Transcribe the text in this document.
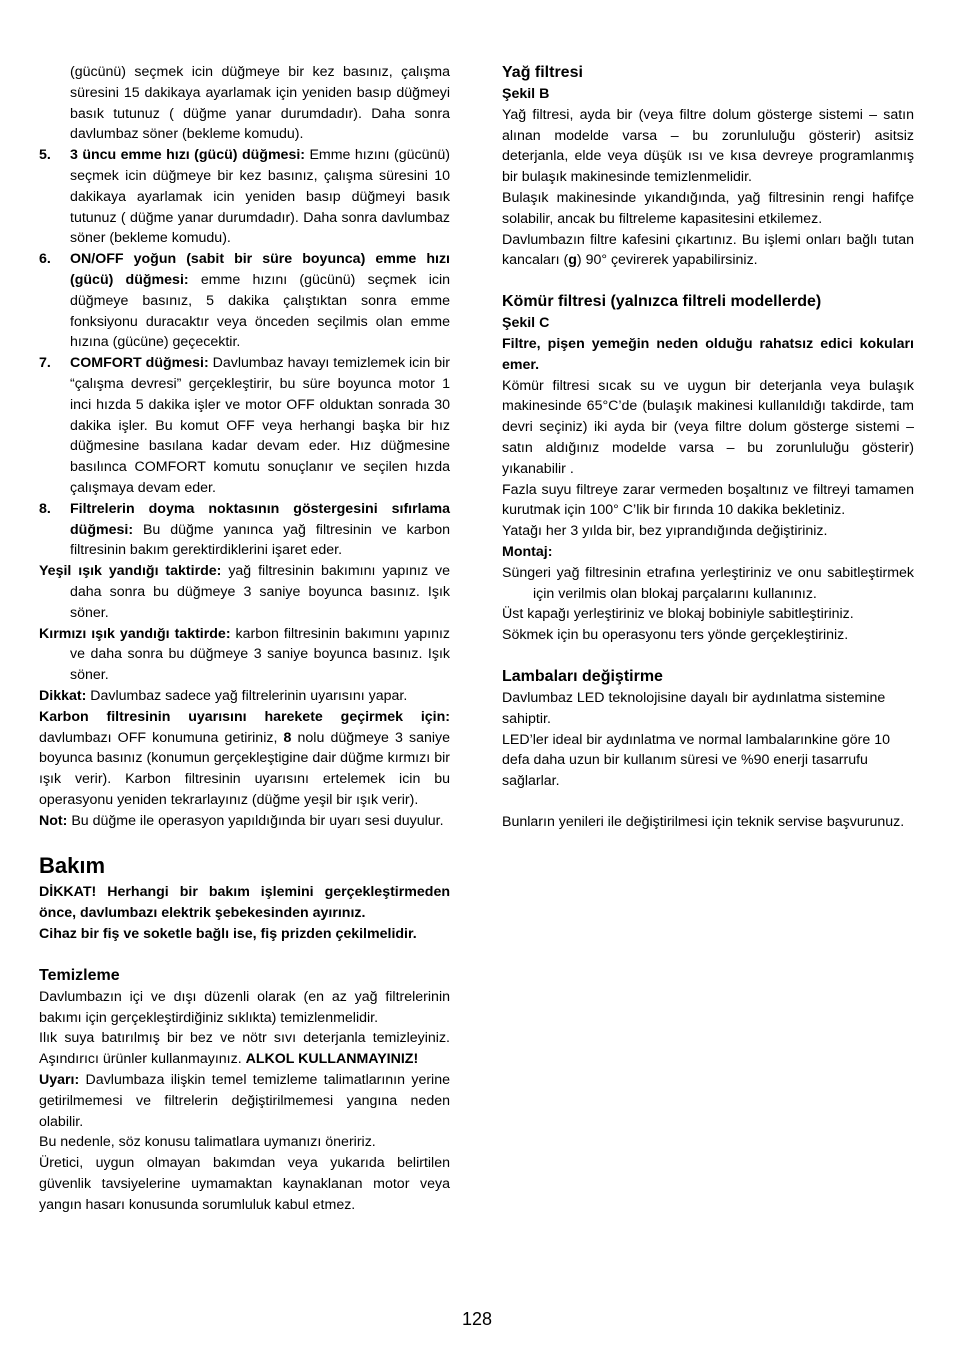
(gücünü) seçmek icin düğmeye bir kez basınız, çalışma süresini 15 dakikaya ayarlamak için yeniden basıp düğmeyi basık tutunuz ( düğme yanar durumdadır). Daha sonra davlumbaz söner (bekleme komudu).

5. 3 üncu emme hızı (gücü) düğmesi: Emme hızını (gücünü) seçmek icin düğmeye bir kez basınız, çalışma süresini 10 dakikaya ayarlamak icin yeniden basıp düğmeyi basık tutunuz ( düğme yanar durumdadır). Daha sonra davlumbaz söner (bekleme komudu).
6. ON/OFF yoğun (sabit bir süre boyunca) emme hızı (gücü) düğmesi: emme hızını (gücünü) seçmek icin düğmeye basınız, 5 dakika çalıştıktan sonra emme fonksiyonu duracaktır veya önceden seçilmis olan emme hızına (gücüne) geçecektir.
7. COMFORT düğmesi: Davlumbaz havayı temizlemek icin bir “çalışma devresi” gerçekleştirir, bu süre boyunca motor 1 inci hızda 5 dakika işler ve motor OFF olduktan sonrada 30 dakika işler. Bu komut OFF veya herhangi başka bir hız düğmesine basılana kadar devam eder. Hız düğmesine basılınca COMFORT komutu sonuçlanır ve seçilen hızda çalışmaya devam eder.
8. Filtrelerin doyma noktasının göstergesini sıfırlama düğmesi: Bu düğme yanınca yağ filtresinin ve karbon filtresinin bakım gerektirdiklerini işaret eder.

Yeşil ışık yandığı taktirde: yağ filtresinin bakımını yapınız ve daha sonra bu düğmeye 3 saniye boyunca basınız. Işık söner.

Kırmızı ışık yandığı taktirde: karbon filtresinin bakımını yapınız ve daha sonra bu düğmeye 3 saniye boyunca basınız. Işık söner.

Dikkat: Davlumbaz sadece yağ filtrelerinin uyarısını yapar.

Karbon filtresinin uyarısını harekete geçirmek için: davlumbazı OFF konumuna getiriniz, 8 nolu düğmeye 3 saniye boyunca basınız (konumun gerçekleştigine dair düğme kırmızı bir ışık verir). Karbon filtresinin uyarısını ertelemek icin bu operasyonu yeniden tekrarlayınız (düğme yeşil bir ışık verir).

Not: Bu düğme ile operasyon yapıldığında bir uyarı sesi duyulur.

Bakım

DİKKAT! Herhangi bir bakım işlemini gerçekleştirmeden önce, davlumbazı elektrik şebekesinden ayırınız.

Cihaz bir fiş ve soketle bağlı ise, fiş prizden çekilmelidir.

Temizleme

Davlumbazın içi ve dışı düzenli olarak (en az yağ filtrelerinin bakımı için gerçekleştirdiğiniz sıklıkta) temizlenmelidir.

Ilık suya batırılmış bir bez ve nötr sıvı deterjanla temizleyiniz. Aşındırıcı ürünler kullanmayınız. ALKOL KULLANMAYINIZ!

Uyarı: Davlumbaza ilişkin temel temizleme talimatlarının yerine getirilmemesi ve filtrelerin değiştirilmemesi yangına neden olabilir.

Bu nedenle, söz konusu talimatlara uymanızı öneririz.

Üretici, uygun olmayan bakımdan veya yukarıda belirtilen güvenlik tavsiyelerine uymamaktan kaynaklanan motor veya yangın hasarı konusunda sorumluluk kabul etmez.

Yağ filtresi

Şekil B

Yağ filtresi, ayda bir (veya filtre dolum gösterge sistemi – satın alınan modelde varsa – bu zorunluluğu gösterir) asitsiz deterjanla, elde veya düşük ısı ve kısa devreye programlanmış bir bulaşık makinesinde temizlenmelidir.

Bulaşık makinesinde yıkandığında, yağ filtresinin rengi hafifçe solabilir, ancak bu filtreleme kapasitesini etkilemez.

Davlumbazın filtre kafesini çıkartınız. Bu işlemi onları bağlı tutan kancaları (g) 90° çevirerek yapabilirsiniz.

Kömür filtresi (yalnızca filtreli modellerde)

Şekil C

Filtre, pişen yemeğin neden olduğu rahatsız edici kokuları emer.

Kömür filtresi sıcak su ve uygun bir deterjanla veya bulaşık makinesinde 65°C’de (bulaşık makinesi kullanıldığı takdirde, tam devri seçiniz) iki ayda bir (veya filtre dolum gösterge sistemi – satın aldığınız modelde varsa – bu zorunluluğu gösterir) yıkanabilir .

Fazla suyu filtreye zarar vermeden boşaltınız ve filtreyi tamamen kurutmak için 100° C’lik bir fırında 10 dakika bekletiniz.

Yatağı her 3 yılda bir, bez yıprandığında değiştiriniz.

Montaj:

Süngeri yağ filtresinin etrafına yerleştiriniz ve onu sabitleştirmek için verilmis olan blokaj parçalarını kullanınız.

Üst kapağı yerleştiriniz ve blokaj bobiniyle sabitleştiriniz.

Sökmek için bu operasyonu ters yönde gerçekleştiriniz.

Lambaları değiştirme

Davlumbaz LED teknolojisine dayalı bir aydınlatma sistemine sahiptir.

LED’ler ideal bir aydınlatma ve normal lambalarınkine göre 10 defa daha uzun bir kullanım süresi ve %90 enerji tasarrufu sağlarlar.

Bunların yenileri ile değiştirilmesi için teknik servise başvurunuz.

128
